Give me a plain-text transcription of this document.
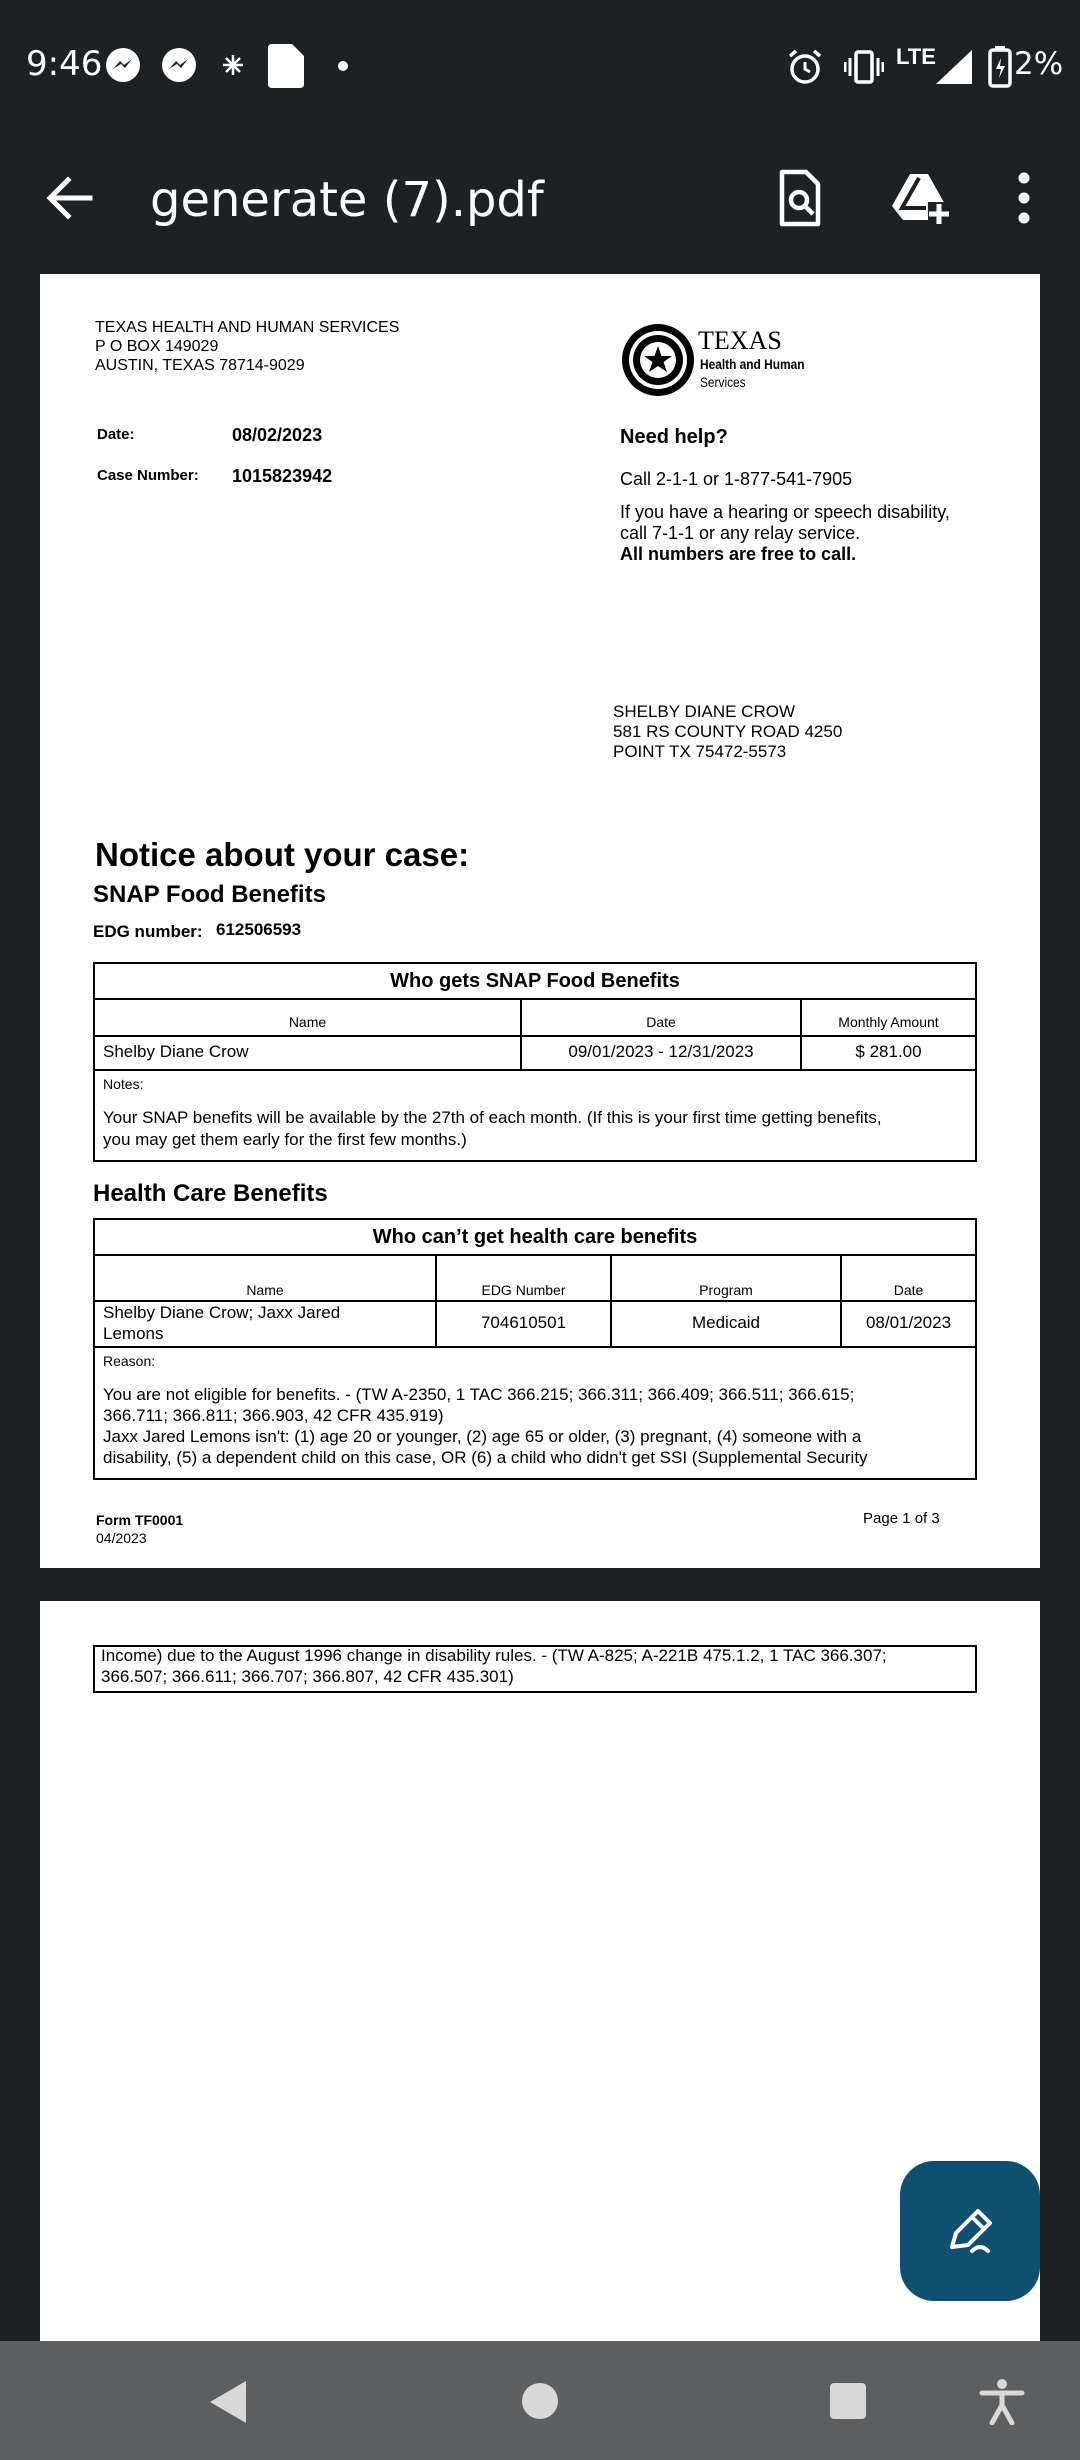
9:46	LTE	2%
generate (7).pdf
TEXAS HEALTH AND HUMAN SERVICES
P O BOX 149029
AUSTIN, TEXAS 78714-9029
TEXAS
Health and Human
Services
Date:	08/02/2023
Case Number: 1015823942
Need help?
Call 2-1-1 or 1-877-541-7905
If you have a hearing or speech disability,
call 7-1-1 or any relay service.
All numbers are free to call.
SHELBY DIANE CROW
581 RS COUNTY ROAD 4250
POINT TX 75472-5573
Notice about your case:
SNAP Food Benefits
EDG number: 612506593
Who gets SNAP Food Benefits
Name	Date	Monthly Amount
Shelby Diane Crow	09/01/2023 - 12/31/2023	$ 281.00
Notes:
Your SNAP benefits will be available by the 27th of each month. (If this is your first time getting benefits,
you may get them early for the first few months.)
Health Care Benefits
Who can’t get health care benefits
Name	EDG Number	Program	Date
Shelby Diane Crow; Jaxx Jared
Lemons
704610501	Medicaid	08/01/2023
Reason:
You are not eligible for benefits. - (TW A-2350, 1 TAC 366.215; 366.311; 366.409; 366.511; 366.615;
366.711; 366.811; 366.903, 42 CFR 435.919)
Jaxx Jared Lemons isn't: (1) age 20 or younger, (2) age 65 or older, (3) pregnant, (4) someone with a
disability, (5) a dependent child on this case, OR (6) a child who didn't get SSI (Supplemental Security
Form TF0001
04/2023
Page 1 of 3
Income) due to the August 1996 change in disability rules. - (TW A-825; A-221B 475.1.2, 1 TAC 366.307;
366.507; 366.611; 366.707; 366.807, 42 CFR 435.301)
